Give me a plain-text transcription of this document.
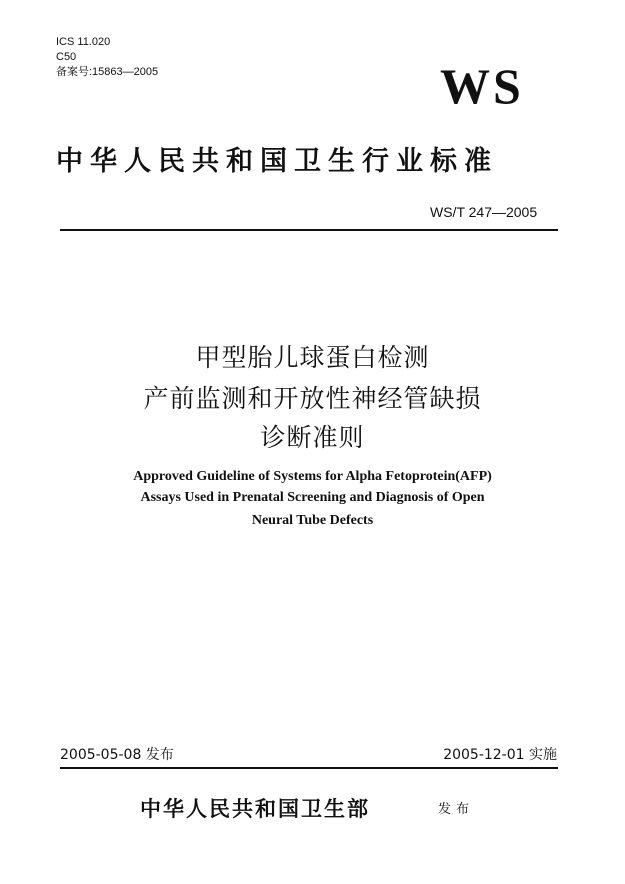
ICS 11.020
C50
备案号:15863—2005	WS
中华人民共和国卫生行业标准
WS/T 247—2005
甲型胎儿球蛋白检测
产前监测和开放性神经管缺损
诊断准则
Approved Guideline of Systems for Alpha Fetoprotein(AFP)
Assays Used in Prenatal Screening and Diagnosis of Open
Neural Tube Defects
2005-05-08 发布	2005-12-01 实施
中华人民共和国卫生部	发布
